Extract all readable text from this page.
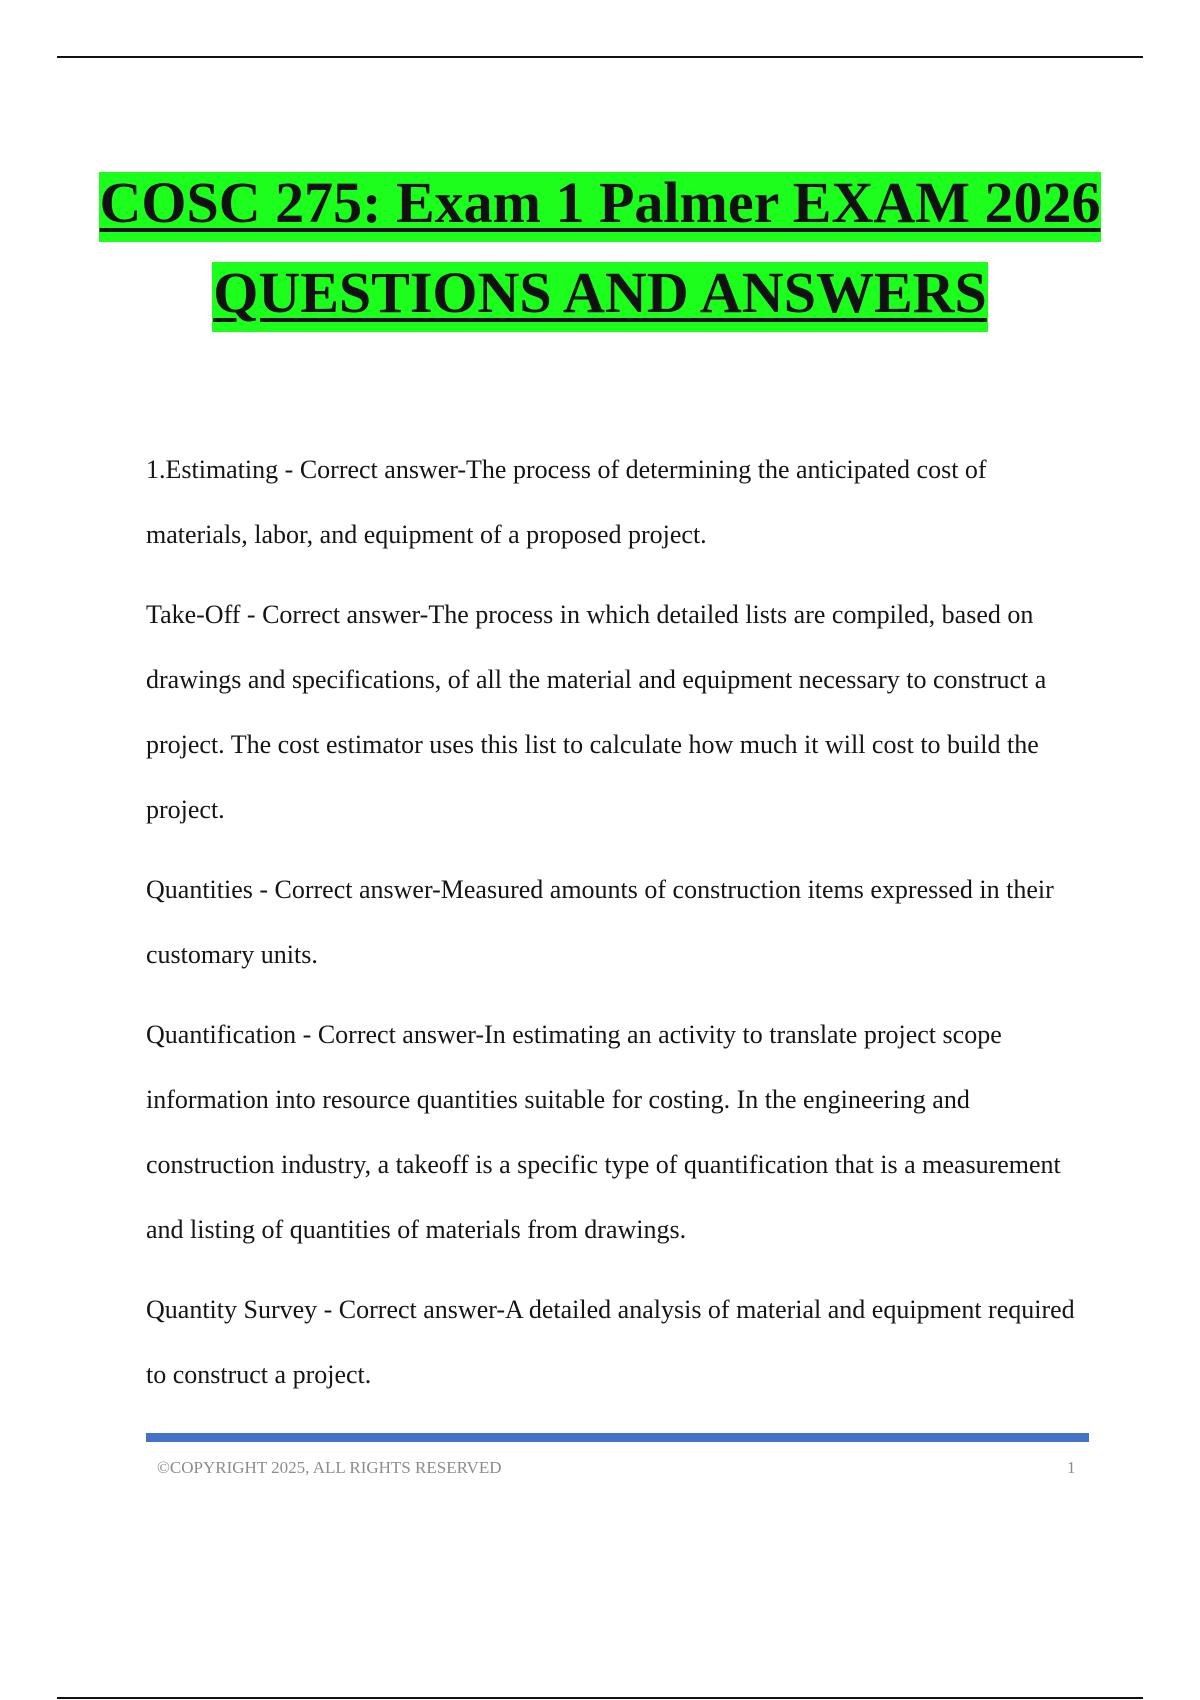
COSC 275: Exam 1 Palmer EXAM 2026
QUESTIONS AND ANSWERS

1.Estimating - Correct answer-The process of determining the anticipated cost of materials, labor, and equipment of a proposed project.

Take-Off - Correct answer-The process in which detailed lists are compiled, based on drawings and specifications, of all the material and equipment necessary to construct a project. The cost estimator uses this list to calculate how much it will cost to build the project.

Quantities - Correct answer-Measured amounts of construction items expressed in their customary units.

Quantification - Correct answer-In estimating an activity to translate project scope information into resource quantities suitable for costing. In the engineering and construction industry, a takeoff is a specific type of quantification that is a measurement and listing of quantities of materials from drawings.

Quantity Survey - Correct answer-A detailed analysis of material and equipment required to construct a project.

©COPYRIGHT 2025, ALL RIGHTS RESERVED	1
